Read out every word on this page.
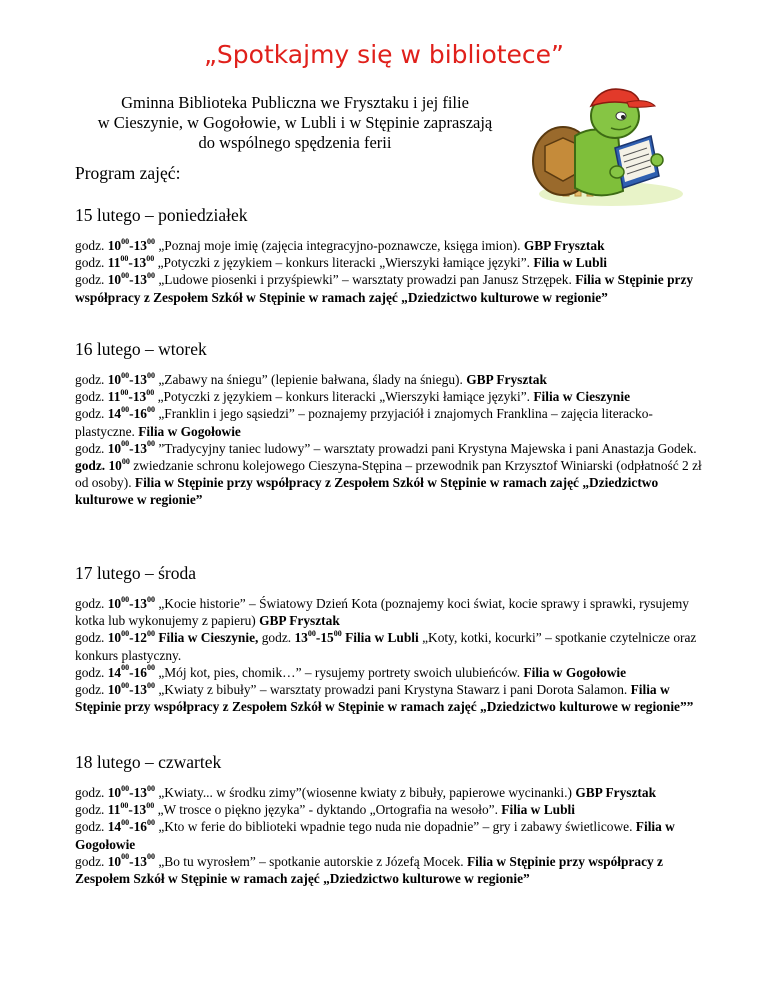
„Spotkajmy się w bibliotece”
Gminna Biblioteka Publiczna we Frysztaku i jej filie
w Cieszynie, w Gogołowie, w Lubli i w Stępinie zapraszają
do wspólnego spędzenia ferii
Program zajęć:
15 lutego – poniedziałek

godz. $10^{00}-13^{00}$ „Poznaj moje imię (zajęcia integracyjno-poznawcze, księga imion). GBP Frysztak

godz. $11^{00}-13^{00}$ „Potyczki z językiem – konkurs literacki „Wierszyki łamiące języki”. Filia w Lubli

godz. $10^{00}-13^{00}$ „Ludowe piosenki i przyśpiewki” – warsztaty prowadzi pan Janusz Strzępek. Filia w Stępinie przy współpracy z Zespołem Szkół w Stępinie w ramach zajęć „Dziedzictwo kulturowe w regionie”

16 lutego – wtorek

godz. $10^{00}-13^{00}$ „Zabawy na śniegu” (lepienie bałwana, ślady na śniegu). GBP Frysztak

godz. $11^{00}-13^{00}$ „Potyczki z językiem – konkurs literacki „Wierszyki łamiące języki”. Filia w Cieszynie

godz. $14^{00}-16^{00}$ „Franklin i jego sąsiedzi” – poznajemy przyjaciół i znajomych Franklina – zajęcia literacko-plastyczne. Filia w Gogołowie

godz. $10^{00}-13^{00}$ ”Tradycyjny taniec ludowy” – warsztaty prowadzi pani Krystyna Majewska i pani Anastazja Godek.

godz. $10^{00}$ zwiedzanie schronu kolejowego Cieszyna-Stępina – przewodnik pan Krzysztof Winiarski (odpłatność 2 zł od osoby). Filia w Stępinie przy współpracy z Zespołem Szkół w Stępinie w ramach zajęć „Dziedzictwo kulturowe w regionie”

17 lutego – środa

godz. $10^{00}-13^{00}$ „Kocie historie” – Światowy Dzień Kota (poznajemy koci świat, kocie sprawy i sprawki, rysujemy kotka lub wykonujemy z papieru) GBP Frysztak

godz. $10^{00}-12^{00}$ Filia w Cieszynie, godz. $13^{00}-15^{00}$ Filia w Lubli „Koty, kotki, kocurki” – spotkanie czytelnicze oraz konkurs plastyczny.

godz. $14^{00}-16^{00}$ „Mój kot, pies, chomik…” – rysujemy portrety swoich ulubieńców. Filia w Gogołowie

godz. $10^{00}-13^{00}$ „Kwiaty z bibuły” – warsztaty prowadzi pani Krystyna Stawarz i pani Dorota Salamon. Filia w Stępinie przy współpracy z Zespołem Szkół w Stępinie w ramach zajęć „Dziedzictwo kulturowe w regionie””

18 lutego – czwartek

godz. $10^{00}-13^{00}$ „Kwiaty... w środku zimy”(wiosenne kwiaty z bibuły, papierowe wycinanki.) GBP Frysztak

godz. $11^{00}-13^{00}$ „W trosce o piękno języka” - dyktando „Ortografia na wesoło”. Filia w Lubli

godz. $14^{00}-16^{00}$ „Kto w ferie do biblioteki wpadnie tego nuda nie dopadnie” – gry i zabawy świetlicowe. Filia w Gogołowie

godz. $10^{00}-13^{00}$ „Bo tu wyrosłem” – spotkanie autorskie z Józefą Mocek. Filia w Stępinie przy współpracy z Zespołem Szkół w Stępinie w ramach zajęć „Dziedzictwo kulturowe w regionie”
